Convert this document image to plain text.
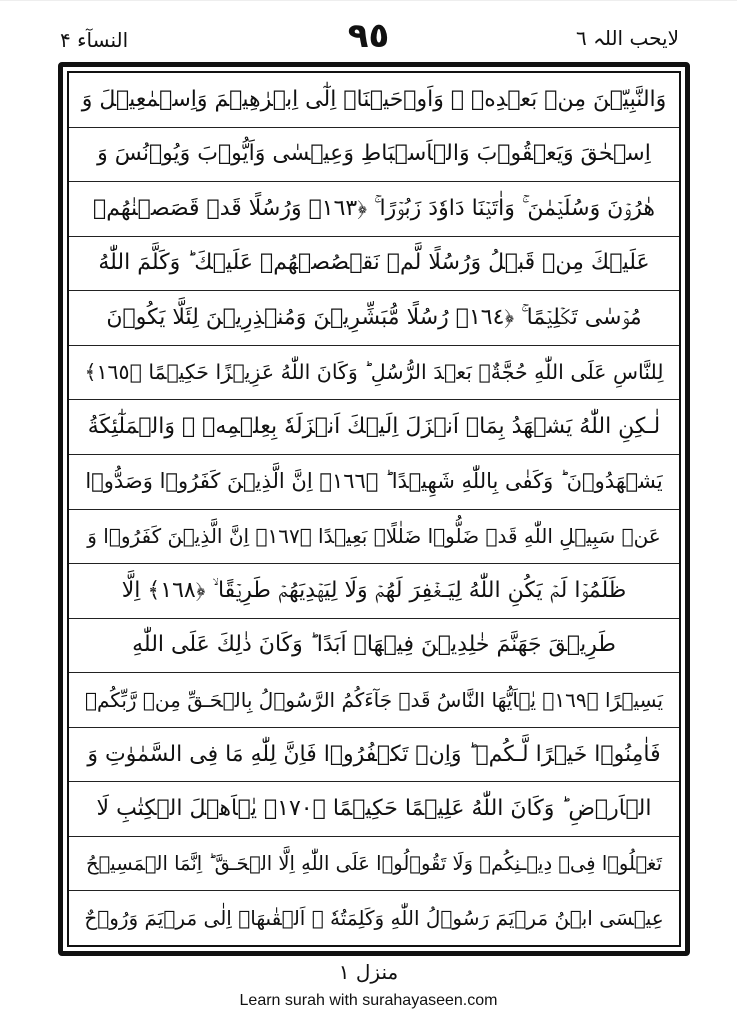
لایحب اللہ ٦
٩٥
النسآء ۴
وَالنَّبِيّٖنَ مِنۡ بَعۡدِهٖ ۚ وَاَوۡحَيۡنَاۤ اِلٰٓى اِبۡرٰهِيۡمَ وَاِسۡمٰعِيۡلَ وَ
اِسۡحٰقَ وَيَعۡقُوۡبَ وَالۡاَسۡبَاطِ وَعِيۡسٰى وَاَيُّوۡبَ وَيُوۡنُسَ وَ
هٰرُوۡنَ وَسُلَيۡمٰنَ ۚ وَاٰتَيۡنَا دَاوٗدَ زَبُوۡرًا ۚ ﴿١٦٣﴾ وَرُسُلًا قَدۡ قَصَصۡنٰهُمۡ
عَلَيۡكَ مِنۡ قَبۡلُ وَرُسُلًا لَّمۡ نَقۡصُصۡهُمۡ عَلَيۡكَ ؕ وَكَلَّمَ اللّٰهُ
مُوۡسٰى تَكۡلِيۡمًا ۚ ﴿١٦٤﴾ رُسُلًا مُّبَشِّرِيۡنَ وَمُنۡذِرِيۡنَ لِئَلَّا يَكُوۡنَ
لِلنَّاسِ عَلَى اللّٰهِ حُجَّةٌۢ بَعۡدَ الرُّسُلِ ؕ وَكَانَ اللّٰهُ عَزِيۡزًا حَكِيۡمًا ﴿١٦٥﴾
لٰـكِنِ اللّٰهُ يَشۡهَدُ بِمَاۤ اَنۡزَلَ اِلَيۡكَ اَنۡزَلَهٗ بِعِلۡمِهٖ ۚ وَالۡمَلٰٓئِكَةُ
يَشۡهَدُوۡنَ ؕ وَكَفٰى بِاللّٰهِ شَهِيۡدًا ؕ ﴿١٦٦﴾ اِنَّ الَّذِيۡنَ كَفَرُوۡا وَصَدُّوۡا
عَنۡ سَبِيۡلِ اللّٰهِ قَدۡ ضَلُّوۡا ضَلٰلًاۢ بَعِيۡدًا ﴿١٦٧﴾ اِنَّ الَّذِيۡنَ كَفَرُوۡا وَ
ظَلَمُوۡا لَمۡ يَكُنِ اللّٰهُ لِيَـغۡفِرَ لَهُمۡ وَلَا لِيَهۡدِيَهُمۡ طَرِيۡقًا ۙ ﴿١٦٨﴾ اِلَّا
طَرِيۡقَ جَهَنَّمَ خٰلِدِيۡنَ فِيۡهَاۤ اَبَدًا ؕ وَكَانَ ذٰلِكَ عَلَى اللّٰهِ
يَسِيۡرًا ﴿١٦٩﴾ يٰۤاَيُّهَا النَّاسُ قَدۡ جَآءَكُمُ الرَّسُوۡلُ بِالۡحَـقِّ مِنۡ رَّبِّكُمۡ
فَاٰمِنُوۡا خَيۡرًا لَّـكُمۡ ؕ وَاِنۡ تَكۡفُرُوۡا فَاِنَّ لِلّٰهِ مَا فِى السَّمٰوٰتِ وَ
الۡاَرۡضِ ؕ وَكَانَ اللّٰهُ عَلِيۡمًا حَكِيۡمًا ﴿١٧٠﴾ يٰۤاَهۡلَ الۡكِتٰبِ لَا
تَغۡلُوۡا فِىۡ دِيۡـنِكُمۡ وَلَا تَقُوۡلُوۡا عَلَى اللّٰهِ اِلَّا الۡحَـقَّ ؕ اِنَّمَا الۡمَسِيۡحُ
عِيۡسَى ابۡنُ مَرۡيَمَ رَسُوۡلُ اللّٰهِ وَكَلِمَتُهٗ ۚ اَلۡقٰٮهَاۤ اِلٰى مَرۡيَمَ وَرُوۡحٌ
منزل ١
Learn surah with surahayaseen.com
